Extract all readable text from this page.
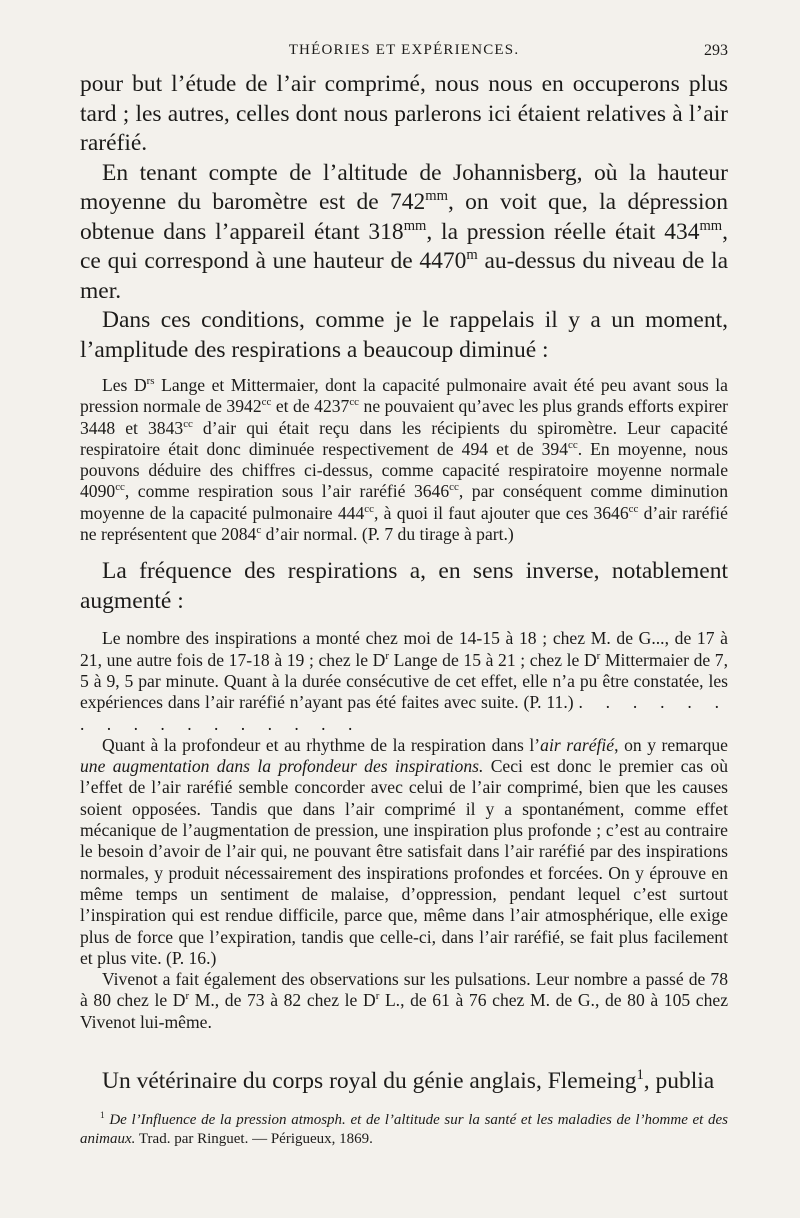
THÉORIES ET EXPÉRIENCES.	293

pour but l’étude de l’air comprimé, nous nous en occuperons plus tard ; les autres, celles dont nous parlerons ici étaient relatives à l’air raréfié.

En tenant compte de l’altitude de Johannisberg, où la hauteur moyenne du baromètre est de $742^{mm}$, on voit que, la dépression obtenue dans l’appareil étant $318^{mm}$, la pression réelle était $434^{mm}$, ce qui correspond à une hauteur de 4470$^m$ au-dessus du niveau de la mer.

Dans ces conditions, comme je le rappelais il y a un moment, l’amplitude des respirations a beaucoup diminué :

Les $D^{rs}$ Lange et Mittermaier, dont la capacité pulmonaire avait été peu avant sous la pression normale de $3942^{cc}$ et de $4237^{cc}$ ne pouvaient qu’avec les plus grands efforts expirer 3448 et $3843^{cc}$ d’air qui était reçu dans les récipients du spiromètre. Leur capacité respiratoire était donc diminuée respectivement de 494 et de $394^{cc}$. En moyenne, nous pouvons déduire des chiffres ci-dessus, comme capacité respiratoire moyenne normale $4090^{cc}$, comme respiration sous l’air raréfié $3646^{cc}$, par conséquent comme diminution moyenne de la capacité pulmonaire $444^{cc}$, à quoi il faut ajouter que ces $3646^{cc}$ d’air raréfié ne représentent que 2084$^c$ d’air normal. (P. 7 du tirage à part.)

La fréquence des respirations a, en sens inverse, notablement augmenté :

Le nombre des inspirations a monté chez moi de 14-15 à 18 ; chez M. de G..., de 17 à 21, une autre fois de 17-18 à 19 ; chez le $D^r$ Lange de 15 à 21 ; chez le $D^r$ Mittermaier de 7, 5 à 9, 5 par minute. Quant à la durée consécutive de cet effet, elle n’a pu être constatée, les expériences dans l’air raréfié n’ayant pas été faites avec suite. (P. 11.) . . . . . . . . . . . . . . . . .

Quant à la profondeur et au rhythme de la respiration dans l’air raréfié, on y remarque une augmentation dans la profondeur des inspirations. Ceci est donc le premier cas où l’effet de l’air raréfié semble concorder avec celui de l’air comprimé, bien que les causes soient opposées. Tandis que dans l’air comprimé il y a spontanément, comme effet mécanique de l’augmentation de pression, une inspiration plus profonde ; c’est au contraire le besoin d’avoir de l’air qui, ne pouvant être satisfait dans l’air raréfié par des inspirations normales, y produit nécessairement des inspirations profondes et forcées. On y éprouve en même temps un sentiment de malaise, d’oppression, pendant lequel c’est surtout l’inspiration qui est rendue difficile, parce que, même dans l’air atmosphérique, elle exige plus de force que l’expiration, tandis que celle-ci, dans l’air raréfié, se fait plus facilement et plus vite. (P. 16.)

Vivenot a fait également des observations sur les pulsations. Leur nombre a passé de 78 à 80 chez le $D^r$ M., de 73 à 82 chez le $D^r$ L., de 61 à 76 chez M. de G., de 80 à 105 chez Vivenot lui-même.

Un vétérinaire du corps royal du génie anglais, Flemeing$^1$, publia

$^1$ De l’Influence de la pression atmosph. et de l’altitude sur la santé et les maladies de l’homme et des animaux. Trad. par Ringuet. — Périgueux, 1869.
